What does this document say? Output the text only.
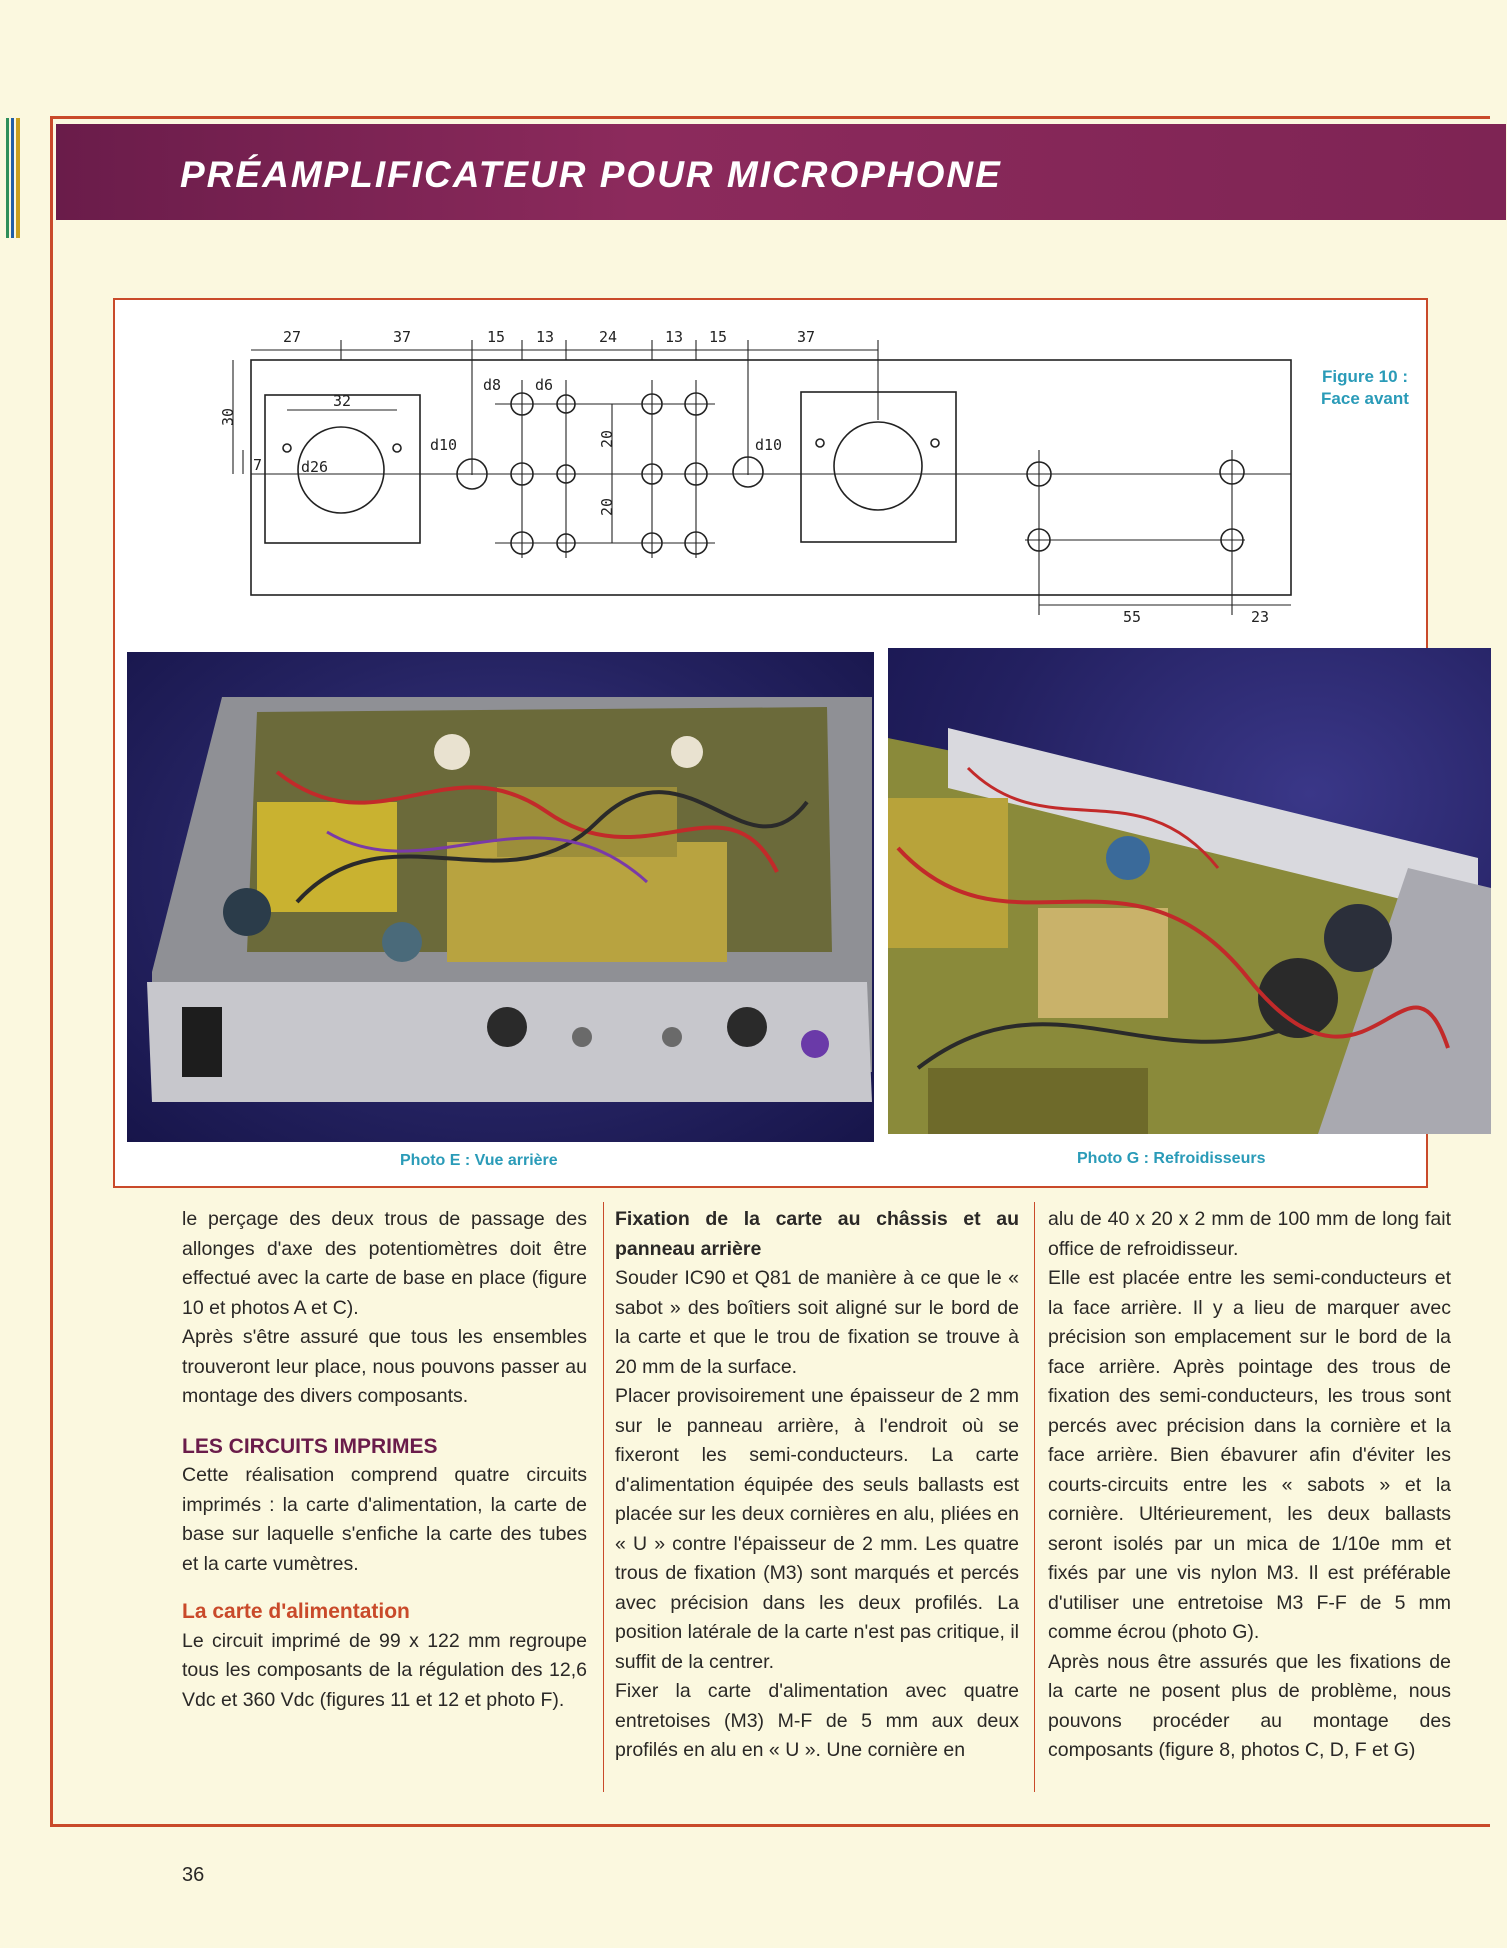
PRÉAMPLIFICATEUR POUR MICROPHONE
27	37	15 13	24	13 15	37
30
7
32
20
20
d8 d6
d10
d26
d10
55	23
Figure 10 :
Face avant
Photo E : Vue arrière	Photo G : Refroidisseurs

le perçage des deux trous de passage des allonges d'axe des potentiomètres doit être effectué avec la carte de base en place (figure 10 et photos A et C).

Après s'être assuré que tous les ensembles trouveront leur place, nous pouvons passer au montage des divers composants.

LES CIRCUITS IMPRIMES

Cette réalisation comprend quatre circuits imprimés : la carte d'alimentation, la carte de base sur laquelle s'enfiche la carte des tubes et la carte vumètres.

La carte d'alimentation

Le circuit imprimé de 99 x 122 mm regroupe tous les composants de la régulation des 12,6 Vdc et 360 Vdc (figures 11 et 12 et photo F).

Fixation de la carte au châssis et au panneau arrière

Souder IC90 et Q81 de manière à ce que le « sabot » des boîtiers soit aligné sur le bord de la carte et que le trou de fixation se trouve à 20 mm de la surface.

Placer provisoirement une épaisseur de 2 mm sur le panneau arrière, à l'endroit où se fixeront les semi-conducteurs. La carte d'alimentation équipée des seuls ballasts est placée sur les deux cornières en alu, pliées en « U » contre l'épaisseur de 2 mm. Les quatre trous de fixation (M3) sont marqués et percés avec précision dans les deux profilés. La position latérale de la carte n'est pas critique, il suffit de la centrer.

Fixer la carte d'alimentation avec quatre entretoises (M3) M-F de 5 mm aux deux profilés en alu en « U ». Une cornière en

alu de 40 x 20 x 2 mm de 100 mm de long fait office de refroidisseur.

Elle est placée entre les semi-conducteurs et la face arrière. Il y a lieu de marquer avec précision son emplacement sur le bord de la face arrière. Après pointage des trous de fixation des semi-conducteurs, les trous sont percés avec précision dans la cornière et la face arrière. Bien ébavurer afin d'éviter les courts-circuits entre les « sabots » et la cornière. Ultérieurement, les deux ballasts seront isolés par un mica de 1/10e mm et fixés par une vis nylon M3. Il est préférable d'utiliser une entretoise M3 F-F de 5 mm comme écrou (photo G).

Après nous être assurés que les fixations de la carte ne posent plus de problème, nous pouvons procéder au montage des composants (figure 8, photos C, D, F et G)

36
